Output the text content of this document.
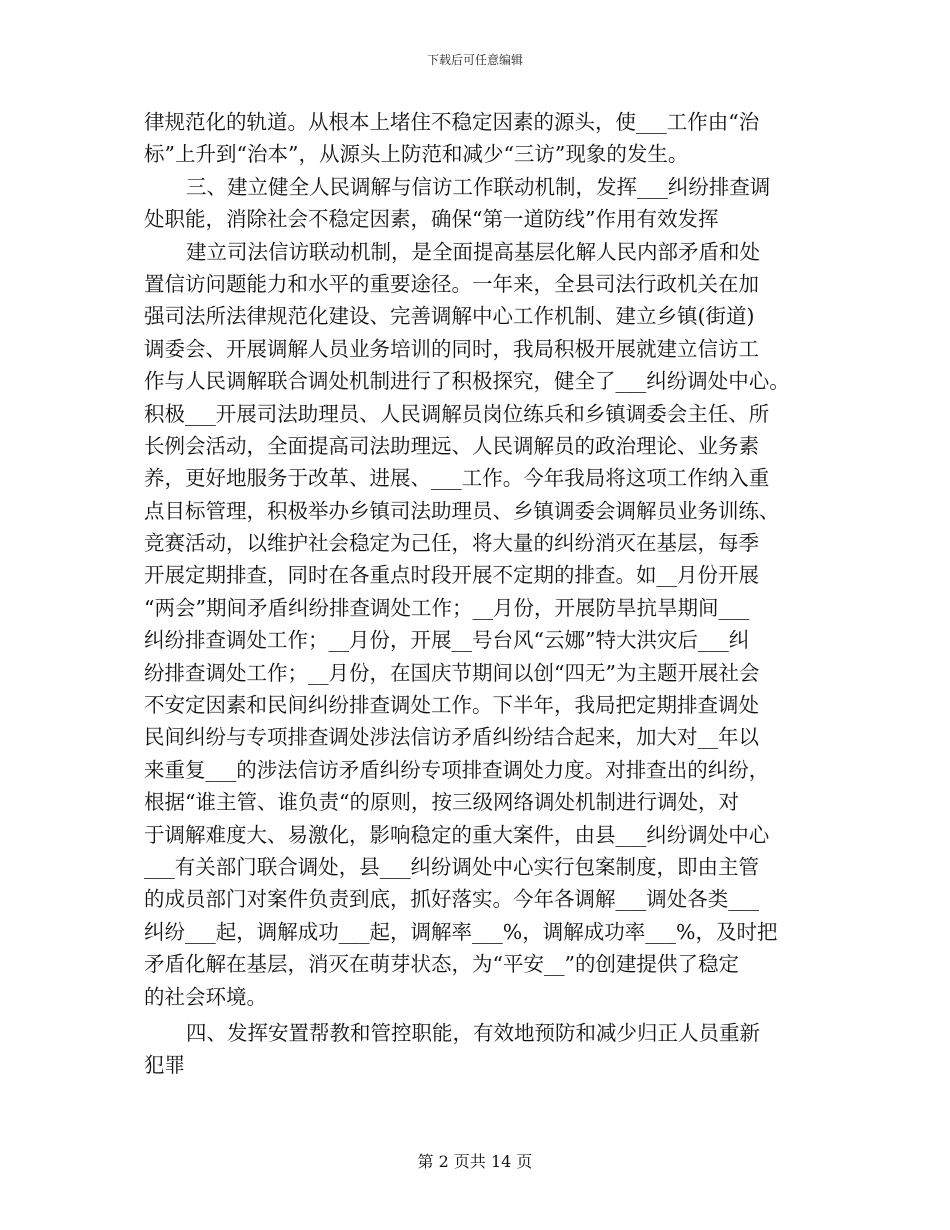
下载后可任意编辑
律规范化的轨道。从根本上堵住不稳定因素的源头，使___工作由“治
标”上升到“治本”，从源头上防范和减少“三访”现象的发生。
三、建立健全人民调解与信访工作联动机制，发挥___纠纷排查调
处职能，消除社会不稳定因素，确保“第一道防线”作用有效发挥
建立司法信访联动机制，是全面提高基层化解人民内部矛盾和处
置信访问题能力和水平的重要途径。一年来，全县司法行政机关在加
强司法所法律规范化建设、完善调解中心工作机制、建立乡镇(街道)
调委会、开展调解人员业务培训的同时，我局积极开展就建立信访工
作与人民调解联合调处机制进行了积极探究，健全了___纠纷调处中心。
积极___开展司法助理员、人民调解员岗位练兵和乡镇调委会主任、所
长例会活动，全面提高司法助理远、人民调解员的政治理论、业务素
养，更好地服务于改革、进展、___工作。今年我局将这项工作纳入重
点目标管理，积极举办乡镇司法助理员、乡镇调委会调解员业务训练、
竞赛活动，以维护社会稳定为己任，将大量的纠纷消灭在基层，每季
开展定期排查，同时在各重点时段开展不定期的排查。如__月份开展
“两会”期间矛盾纠纷排查调处工作；__月份，开展防旱抗旱期间___
纠纷排查调处工作；__月份，开展__号台风“云娜”特大洪灾后___纠
纷排查调处工作；__月份，在国庆节期间以创“四无”为主题开展社会
不安定因素和民间纠纷排查调处工作。下半年，我局把定期排查调处
民间纠纷与专项排查调处涉法信访矛盾纠纷结合起来，加大对__年以
来重复___的涉法信访矛盾纠纷专项排查调处力度。对排查出的纠纷，
根据“谁主管、谁负责“的原则，按三级网络调处机制进行调处，对
于调解难度大、易激化，影响稳定的重大案件，由县___纠纷调处中心
___有关部门联合调处，县___纠纷调处中心实行包案制度，即由主管
的成员部门对案件负责到底，抓好落实。今年各调解___调处各类___
纠纷___起，调解成功___起，调解率___%，调解成功率___%，及时把
矛盾化解在基层，消灭在萌芽状态，为“平安__”的创建提供了稳定
的社会环境。
四、发挥安置帮教和管控职能，有效地预防和减少归正人员重新
犯罪
第 2 页共 14 页
